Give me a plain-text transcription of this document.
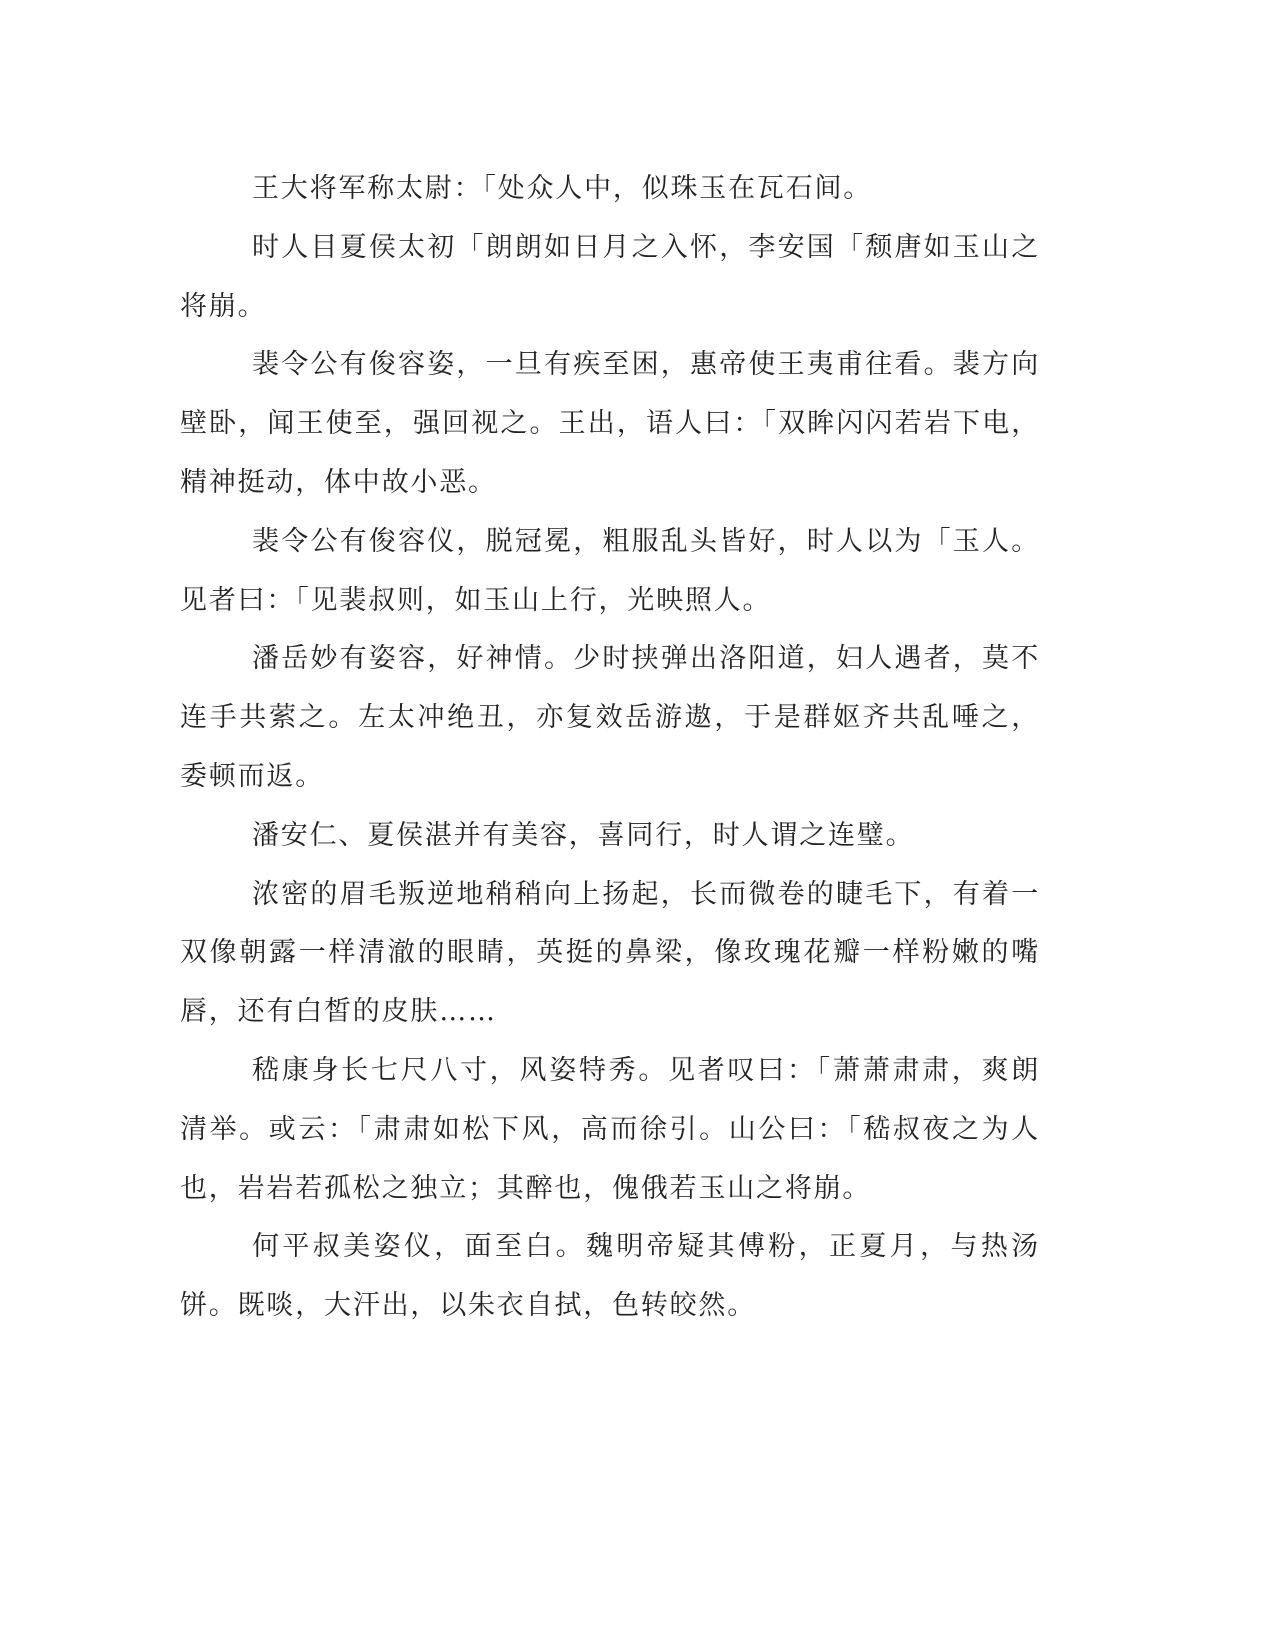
王大将军称太尉：「处众人中，似珠玉在瓦石间。

时人目夏侯太初「朗朗如日月之入怀，李安国「颓唐如玉山之将崩。

裴令公有俊容姿，一旦有疾至困，惠帝使王夷甫往看。裴方向壁卧，闻王使至，强回视之。王出，语人曰：「双眸闪闪若岩下电，精神挺动，体中故小恶。

裴令公有俊容仪，脱冠冕，粗服乱头皆好，时人以为「玉人。见者曰：「见裴叔则，如玉山上行，光映照人。

潘岳妙有姿容，好神情。少时挟弹出洛阳道，妇人遇者，莫不连手共萦之。左太冲绝丑，亦复效岳游遨，于是群妪齐共乱唾之，委顿而返。

潘安仁、夏侯湛并有美容，喜同行，时人谓之连璧。

浓密的眉毛叛逆地稍稍向上扬起，长而微卷的睫毛下，有着一双像朝露一样清澈的眼睛，英挺的鼻梁，像玫瑰花瓣一样粉嫩的嘴唇，还有白皙的皮肤……

嵇康身长七尺八寸，风姿特秀。见者叹曰：「萧萧肃肃，爽朗清举。或云：「肃肃如松下风，高而徐引。山公曰：「嵇叔夜之为人也，岩岩若孤松之独立；其醉也，傀俄若玉山之将崩。

何平叔美姿仪，面至白。魏明帝疑其傅粉，正夏月，与热汤饼。既啖，大汗出，以朱衣自拭，色转皎然。
